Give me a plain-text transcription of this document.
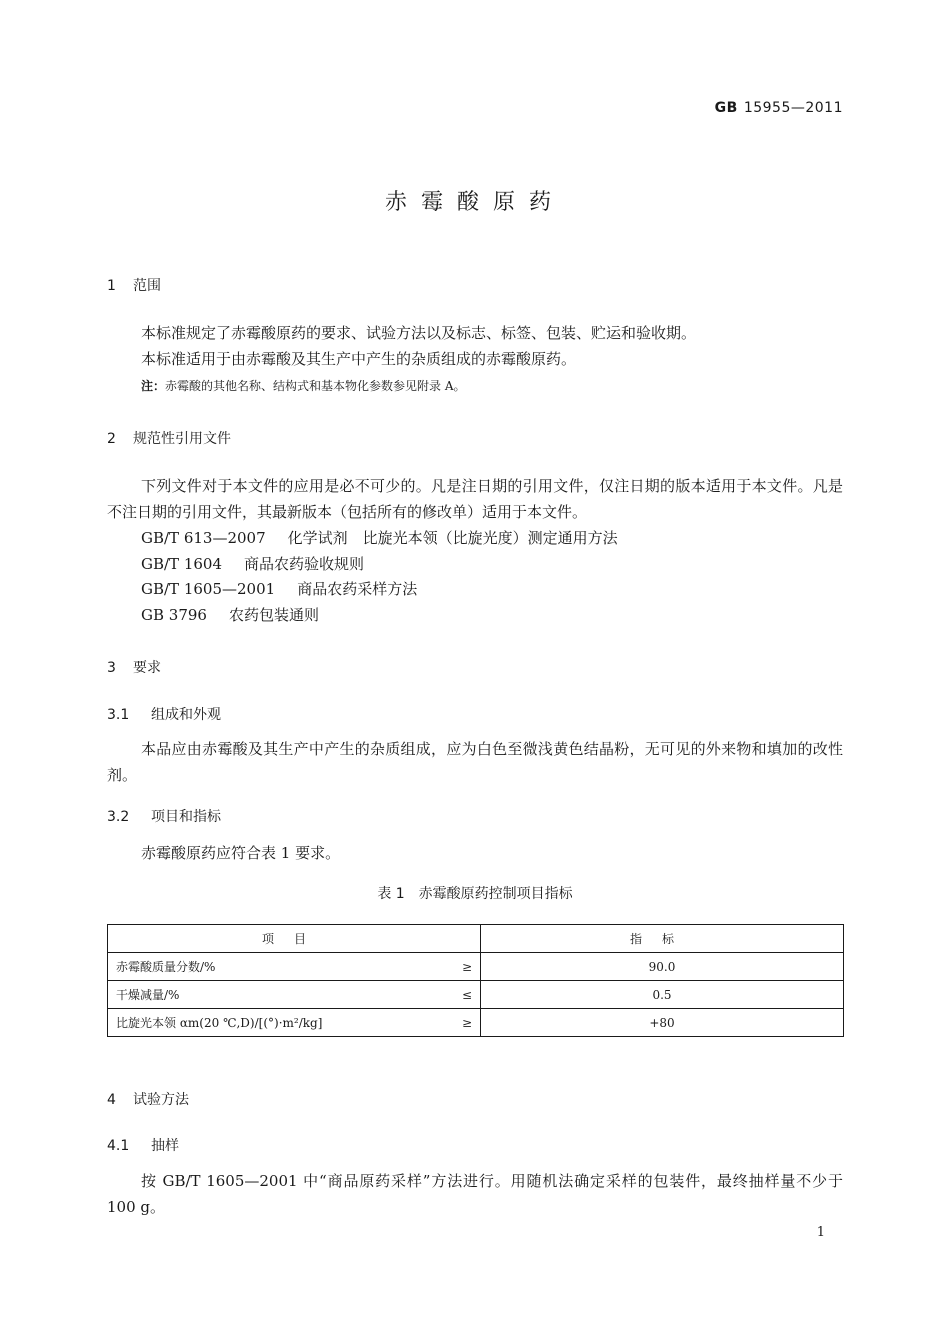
GB 15955—2011
赤霉酸原药
1 范围
本标准规定了赤霉酸原药的要求、试验方法以及标志、标签、包装、贮运和验收期。
本标准适用于由赤霉酸及其生产中产生的杂质组成的赤霉酸原药。
注：赤霉酸的其他名称、结构式和基本物化参数参见附录 A。
2 规范性引用文件
下列文件对于本文件的应用是必不可少的。凡是注日期的引用文件，仅注日期的版本适用于本文件。凡是不注日期的引用文件，其最新版本（包括所有的修改单）适用于本文件。
GB/T 613—2007 化学试剂　比旋光本领（比旋光度）测定通用方法
GB/T 1604 商品农药验收规则
GB/T 1605—2001 商品农药采样方法
GB 3796 农药包装通则
3 要求
3.1 组成和外观
本品应由赤霉酸及其生产中产生的杂质组成，应为白色至微浅黄色结晶粉，无可见的外来物和填加的改性剂。
3.2 项目和指标
赤霉酸原药应符合表 1 要求。
表 1　赤霉酸原药控制项目指标
项目	指标

赤霉酸质量分数/% ≥	90.0

干燥减量/% ≤	0.5

比旋光本领 αm(20 ℃,D)/[(°)·m²/kg] ≥	+80
4 试验方法
4.1 抽样
按 GB/T 1605—2001 中“商品原药采样”方法进行。用随机法确定采样的包装件，最终抽样量不少于 100 g。
1
